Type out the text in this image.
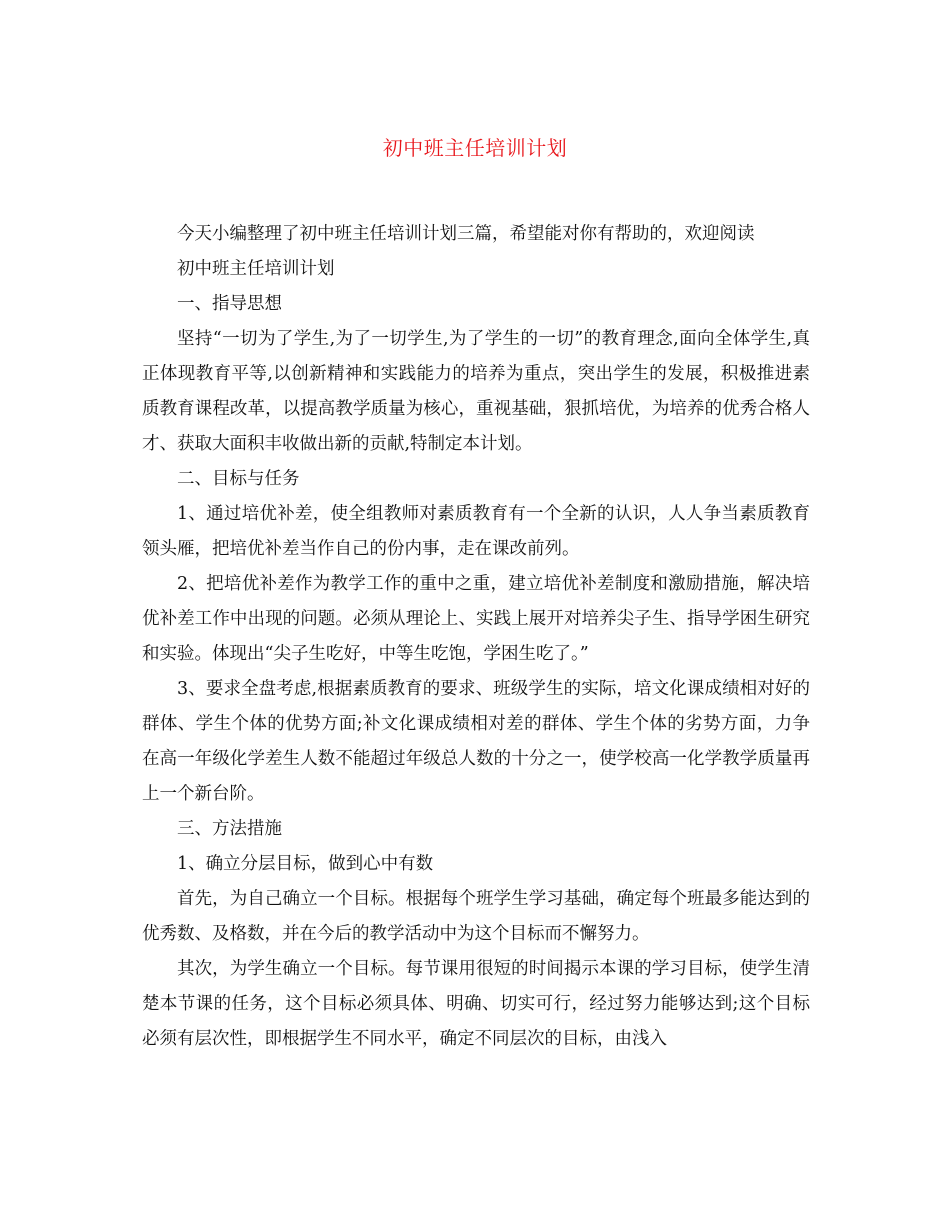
初中班主任培训计划

今天小编整理了初中班主任培训计划三篇，希望能对你有帮助的，欢迎阅读

初中班主任培训计划

一、指导思想

坚持“一切为了学生,为了一切学生,为了学生的一切”的教育理念,面向全体学生,真正体现教育平等,以创新精神和实践能力的培养为重点，突出学生的发展，积极推进素质教育课程改革，以提高教学质量为核心，重视基础，狠抓培优，为培养的优秀合格人才、获取大面积丰收做出新的贡献,特制定本计划。

二、目标与任务

1、通过培优补差，使全组教师对素质教育有一个全新的认识，人人争当素质教育领头雁，把培优补差当作自己的份内事，走在课改前列。

2、把培优补差作为教学工作的重中之重，建立培优补差制度和激励措施，解决培优补差工作中出现的问题。必须从理论上、实践上展开对培养尖子生、指导学困生研究和实验。体现出“尖子生吃好，中等生吃饱，学困生吃了。”

3、要求全盘考虑,根据素质教育的要求、班级学生的实际，培文化课成绩相对好的群体、学生个体的优势方面;补文化课成绩相对差的群体、学生个体的劣势方面，力争在高一年级化学差生人数不能超过年级总人数的十分之一，使学校高一化学教学质量再上一个新台阶。

三、方法措施

1、确立分层目标，做到心中有数

首先，为自己确立一个目标。根据每个班学生学习基础，确定每个班最多能达到的优秀数、及格数，并在今后的教学活动中为这个目标而不懈努力。

其次，为学生确立一个目标。每节课用很短的时间揭示本课的学习目标，使学生清楚本节课的任务，这个目标必须具体、明确、切实可行，经过努力能够达到;这个目标必须有层次性，即根据学生不同水平，确定不同层次的目标，由浅入
